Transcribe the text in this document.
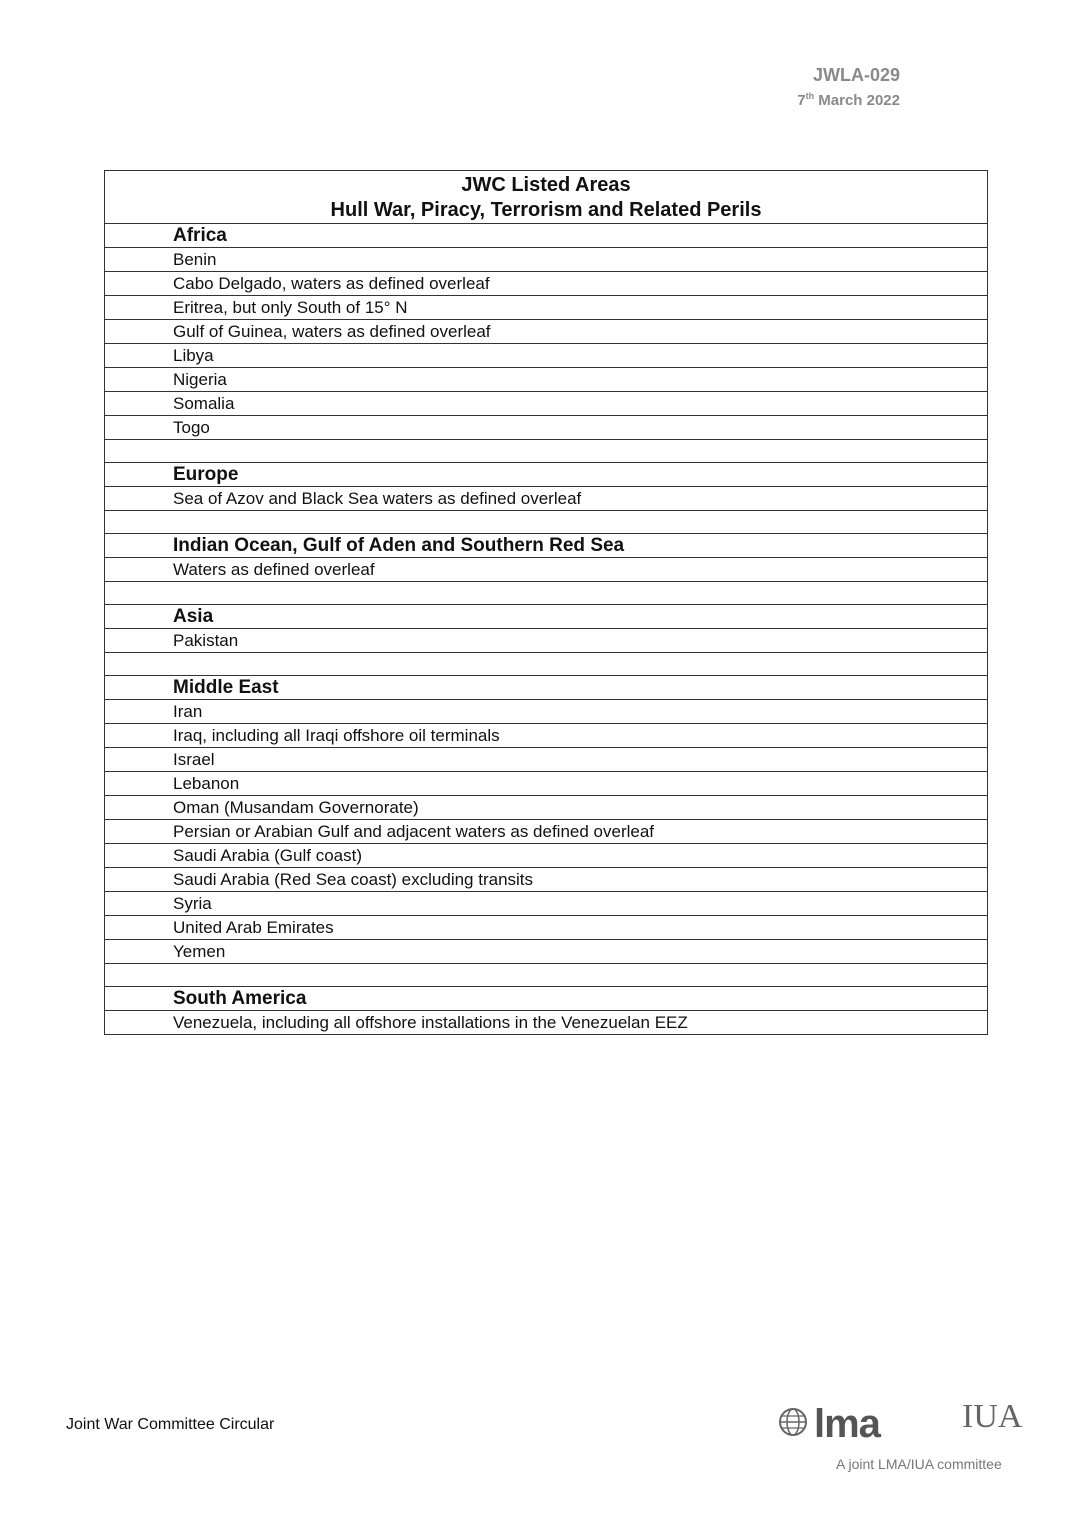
JWLA-029
7th March 2022
JWC Listed Areas
Hull War, Piracy, Terrorism and Related Perils

Africa
Benin
Cabo Delgado, waters as defined overleaf
Eritrea, but only South of 15° N
Gulf of Guinea, waters as defined overleaf
Libya
Nigeria
Somalia
Togo

Europe
Sea of Azov and Black Sea waters as defined overleaf

Indian Ocean, Gulf of Aden and Southern Red Sea
Waters as defined overleaf

Asia
Pakistan

Middle East
Iran
Iraq, including all Iraqi offshore oil terminals
Israel
Lebanon
Oman (Musandam Governorate)
Persian or Arabian Gulf and adjacent waters as defined overleaf
Saudi Arabia (Gulf coast)
Saudi Arabia (Red Sea coast) excluding transits
Syria
United Arab Emirates
Yemen

South America
Venezuela, including all offshore installations in the Venezuelan EEZ
Joint War Committee Circular	lma IUA
A joint LMA/IUA committee
